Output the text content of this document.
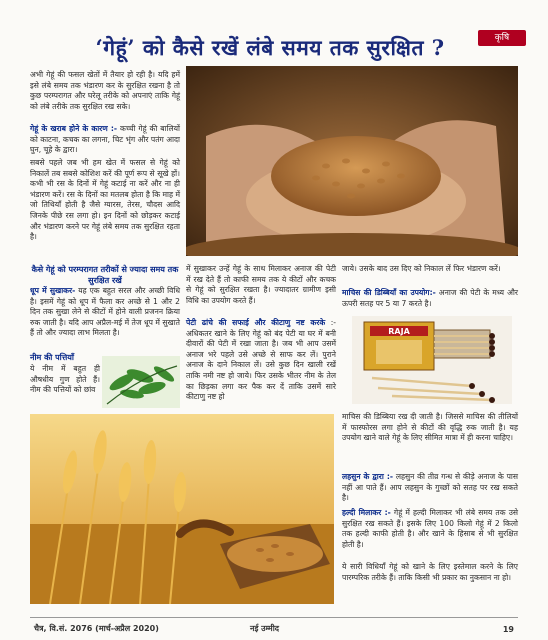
‘गेहूं’ को कैसे रखें लंबे समय तक सुरक्षित ?	कृषि
अभी गेहूं की फसल खेतों में तैयार हो रही है। यदि हमें इसे लंबे समय तक भंडारण कर के सुरक्षित रखना है तो कुछ परम्परागत और घरेलू तरीके को अपनाएं ताकि गेहूं को लंबे तरीके तक सुरक्षित रख सके।
गेहूं के खराब होने के कारण :- कच्ची गेहूं की बालियों को काटना, कचक का लगना, चिट भृंग और पतंग आदा घुन, चूहे के द्वारा।
सबसे पहले जब भी हम खेत में फसल से गेहूं को निकालें तब सबसे कोशिश करें की पूर्ण रूप से सूखे हों। कभी भी रस के दिनों में गेहूं कटाई ना करें और ना ही भंडारण करें। रस के दिनों का मतलब होता है कि माह में जो तिथियाँ होती है जैसे ग्यारस, तेरस, चौदस आदि जिनके पीछे रस लगा हो। इन दिनों को छोड़कर कटाई और भंडारण करने पर गेहूं लंबे समय तक सुरक्षित रहता है।
कैसे गेहूं को परम्परागत तरीकों से ज्यादा समय तक सुरक्षित रखें
धूप में सुखाकर- यह एक बहुत सरल और अच्छी विधि है। इसमें गेहूं को धूप में फैला कर अच्छे से 1 और 2 दिन तक सुखा लेने से कीटों में होने वाली प्रजनन क्रिया रुक जाती है। यदि आप अप्रैल-मई में तेज धूप में सुखाते हैं तो और ज्यादा लाभ मिलता है।
नीम की पत्तियाँ
ये नीम में बहुत ही औषधीय गुण होते हैं। नीम की पत्तियों को छांव
में सुखाकर उन्हें गेहूं के साथ मिलाकर अनाज की पेटी में रख देते हैं तो काफी समय तक ये कीटों और कचक से गेहूं को सुरक्षित रखता है। ज्यादातर ग्रामीण इसी विधि का उपयोग करते हैं।
पेटी ढांचे की सफाई और कीटाणु नष्ट करके :- अधिकतर खाने के लिए गेहूं को बंद पेटी या घर में बनी दीवारों की पेटी में रखा जाता है। जब भी आप उसमें अनाज भरे पहले उसे अच्छे से साफ कर लें। पुराने अनाज के दाने निकाल लें। उसे कुछ दिन खाली रखें ताकि नमी नष्ट हो जाये। फिर उसके भीतर नीम के तेल का छिड़का लगा कर पैक कर दें ताकि उसमें सारे कीटाणु नष्ट हो
जाये। उसके बाद उस दिए को निकाल लें फिर भंडारण करें।
माचिस की डिब्बियाँ का उपयोग:- अनाज की पेटी के मध्य और ऊपरी सतह पर 5 या 7 करते है।
RAJA
माचिस की डिब्बिया रख दी जाती है। जिससे माचिस की तीलियों में फास्फोरस लगा होने से कीटों की वृद्धि रुक जाती है। यह उपयोग खाने वाले गेहूं के लिए सीमित मात्रा में ही करना चाहिए।
लहसुन के द्वारा :- लहसुन की तीव्र गन्ध से कीड़े अनाज के पास नहीं आ पाते हैं। आप लहसुन के गुच्छों को सतह पर रख सकते है।
हल्दी मिलाकर :- गेहूं में हल्दी मिलाकर भी लंबे समय तक उसे सुरक्षित रख सकते हैं। इसके लिए 100 किलो गेहूं में 2 किलो तक हल्दी काफी होती है। और खाने के हिसाब से भी सुरक्षित होती है।
ये सारी विधियाँ गेहूं को खाने के लिए इस्तेमाल करने के लिए पारम्परिक तरीके हैं। ताकि किसी भी प्रकार का नुकसान ना हो।
चैत्र, वि.सं. 2076 (मार्च-अप्रैल 2020)	नई उम्मीद	19
